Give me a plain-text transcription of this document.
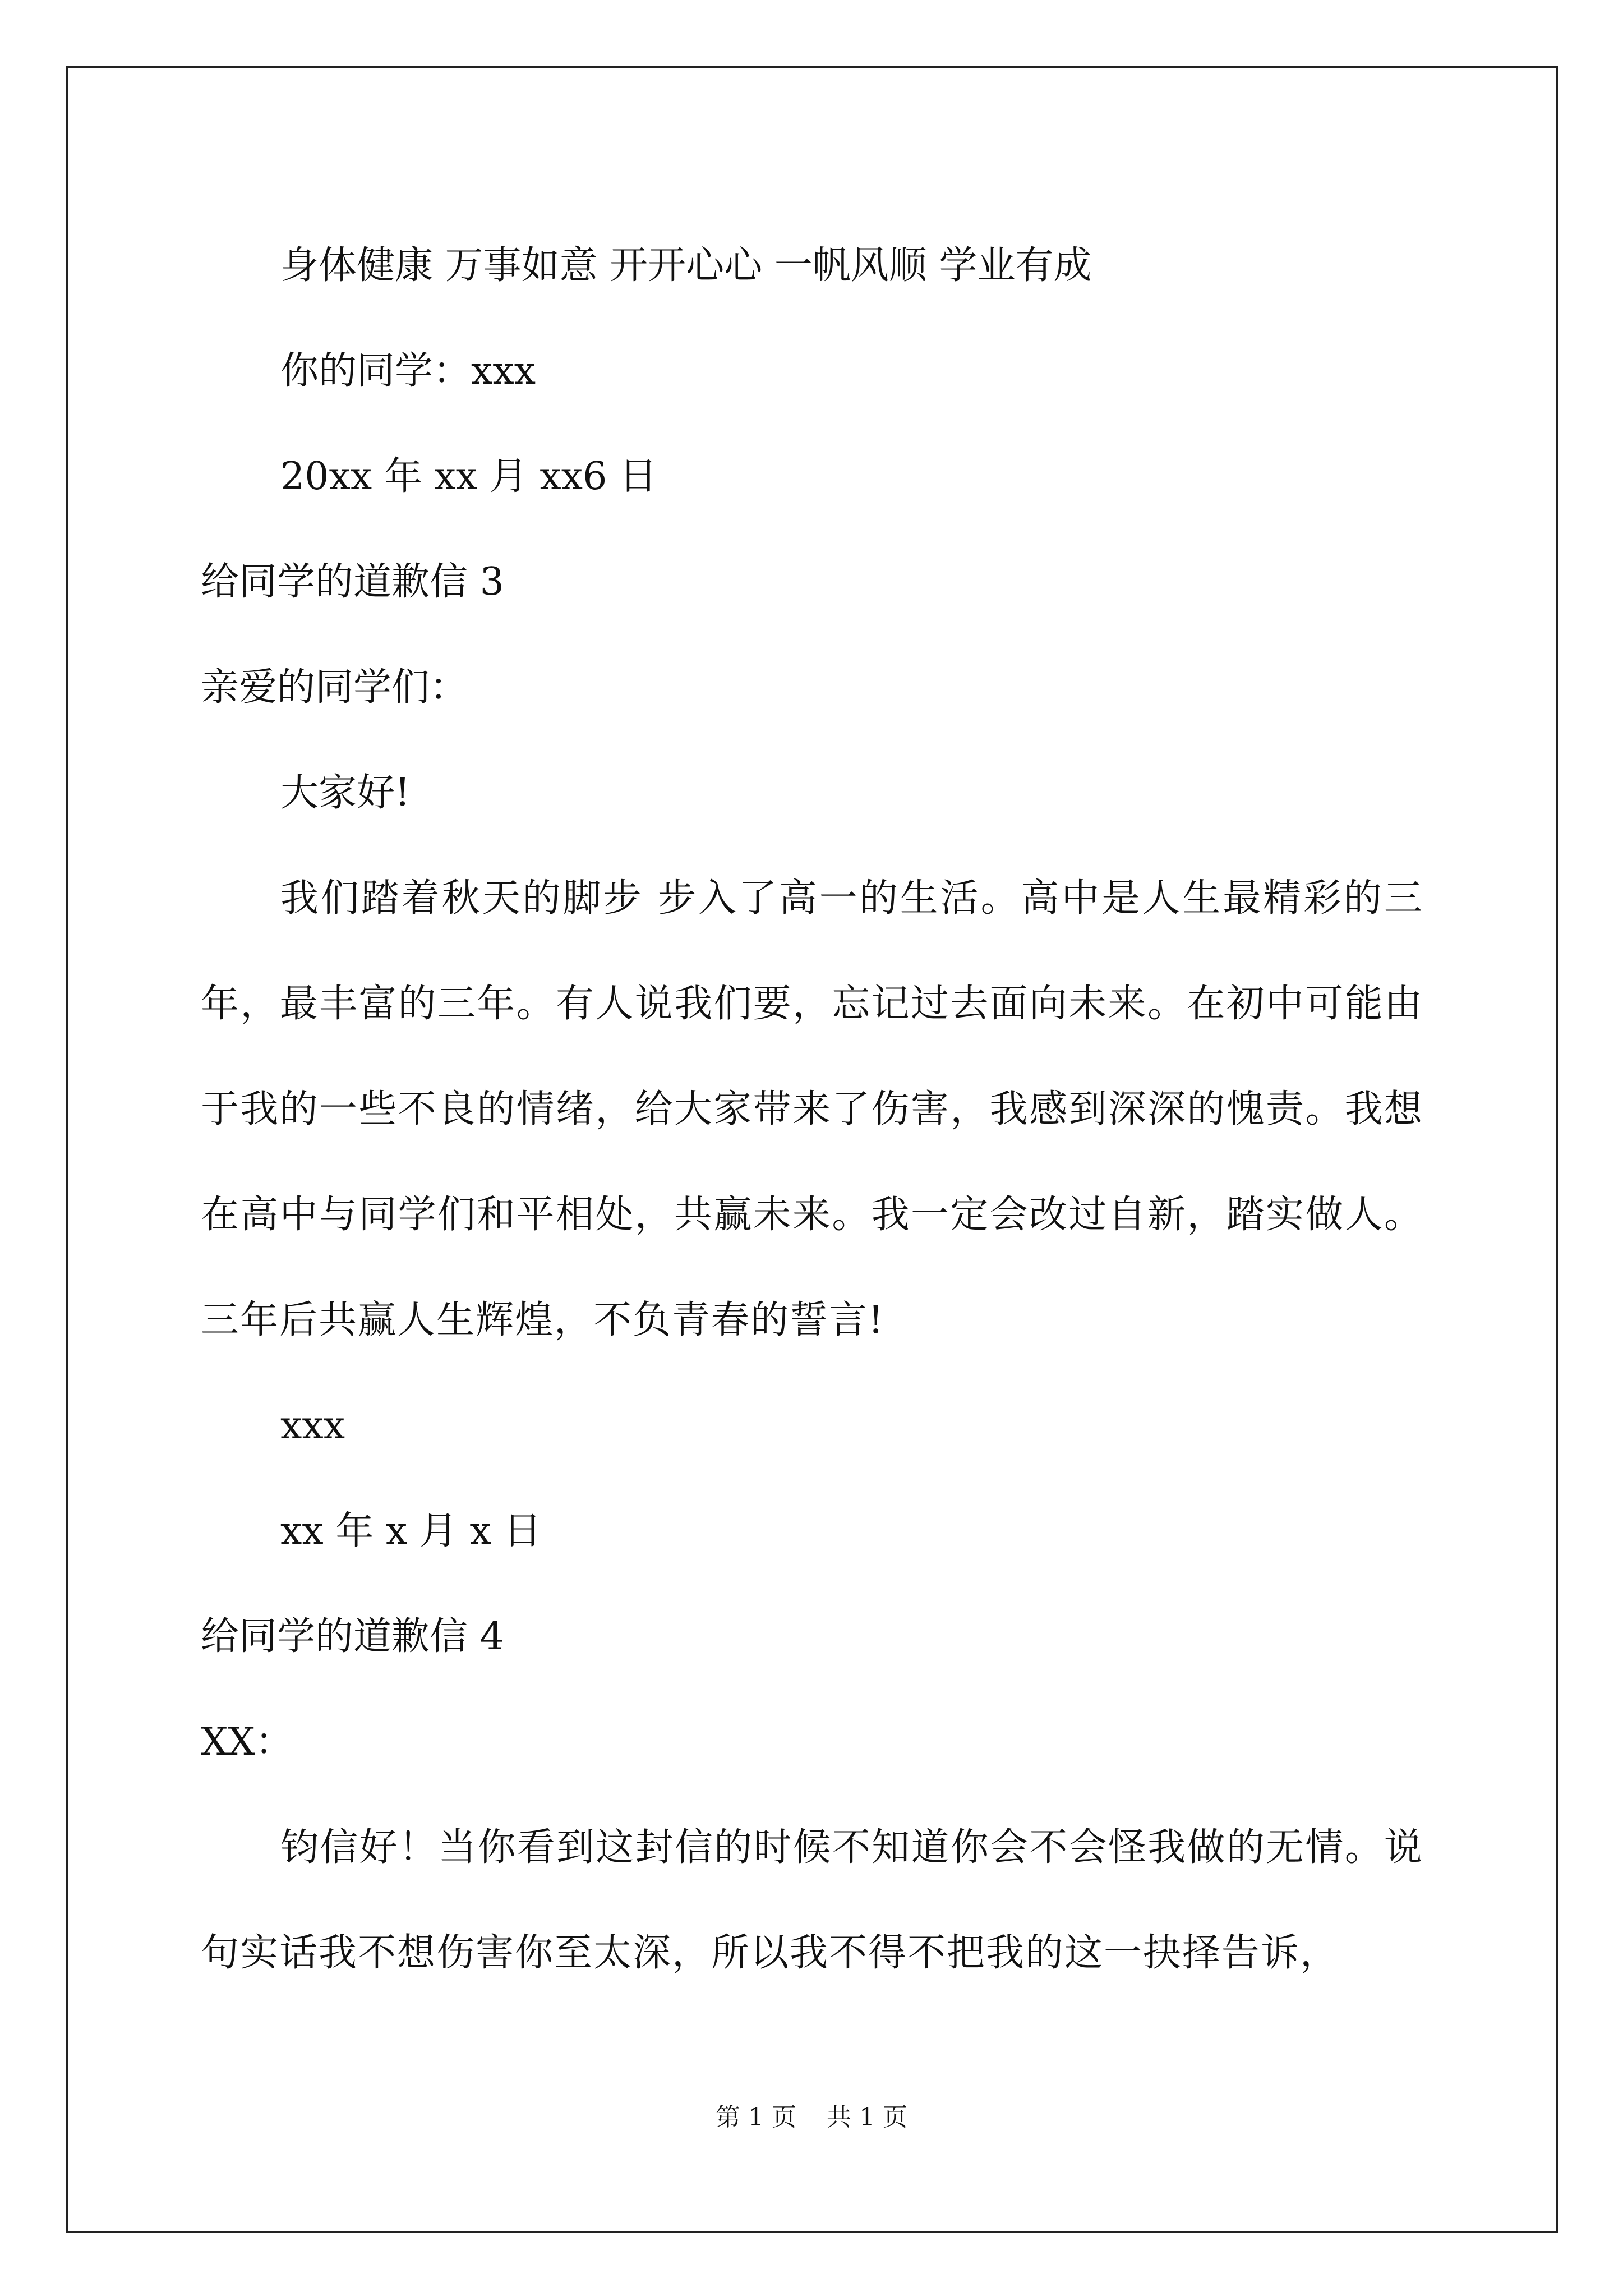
身体健康 万事如意 开开心心 一帆风顺 学业有成
你的同学：xxx
20xx 年 xx 月 xx6 日
给同学的道歉信 3
亲爱的同学们：
大家好!
我们踏着秋天的脚步 步入了高一的生活。高中是人生最精彩的三年，最丰富的三年。有人说我们要，忘记过去面向未来。在初中可能由于我的一些不良的情绪，给大家带来了伤害，我感到深深的愧责。我想在高中与同学们和平相处，共赢未来。我一定会改过自新，踏实做人。三年后共赢人生辉煌，不负青春的誓言!
xxx
xx 年 x 月 x 日
给同学的道歉信 4
XX：
钧信好！当你看到这封信的时候不知道你会不会怪我做的无情。说句实话我不想伤害你至太深，所以我不得不把我的这一抉择告诉，
第 1 页 共 1 页
